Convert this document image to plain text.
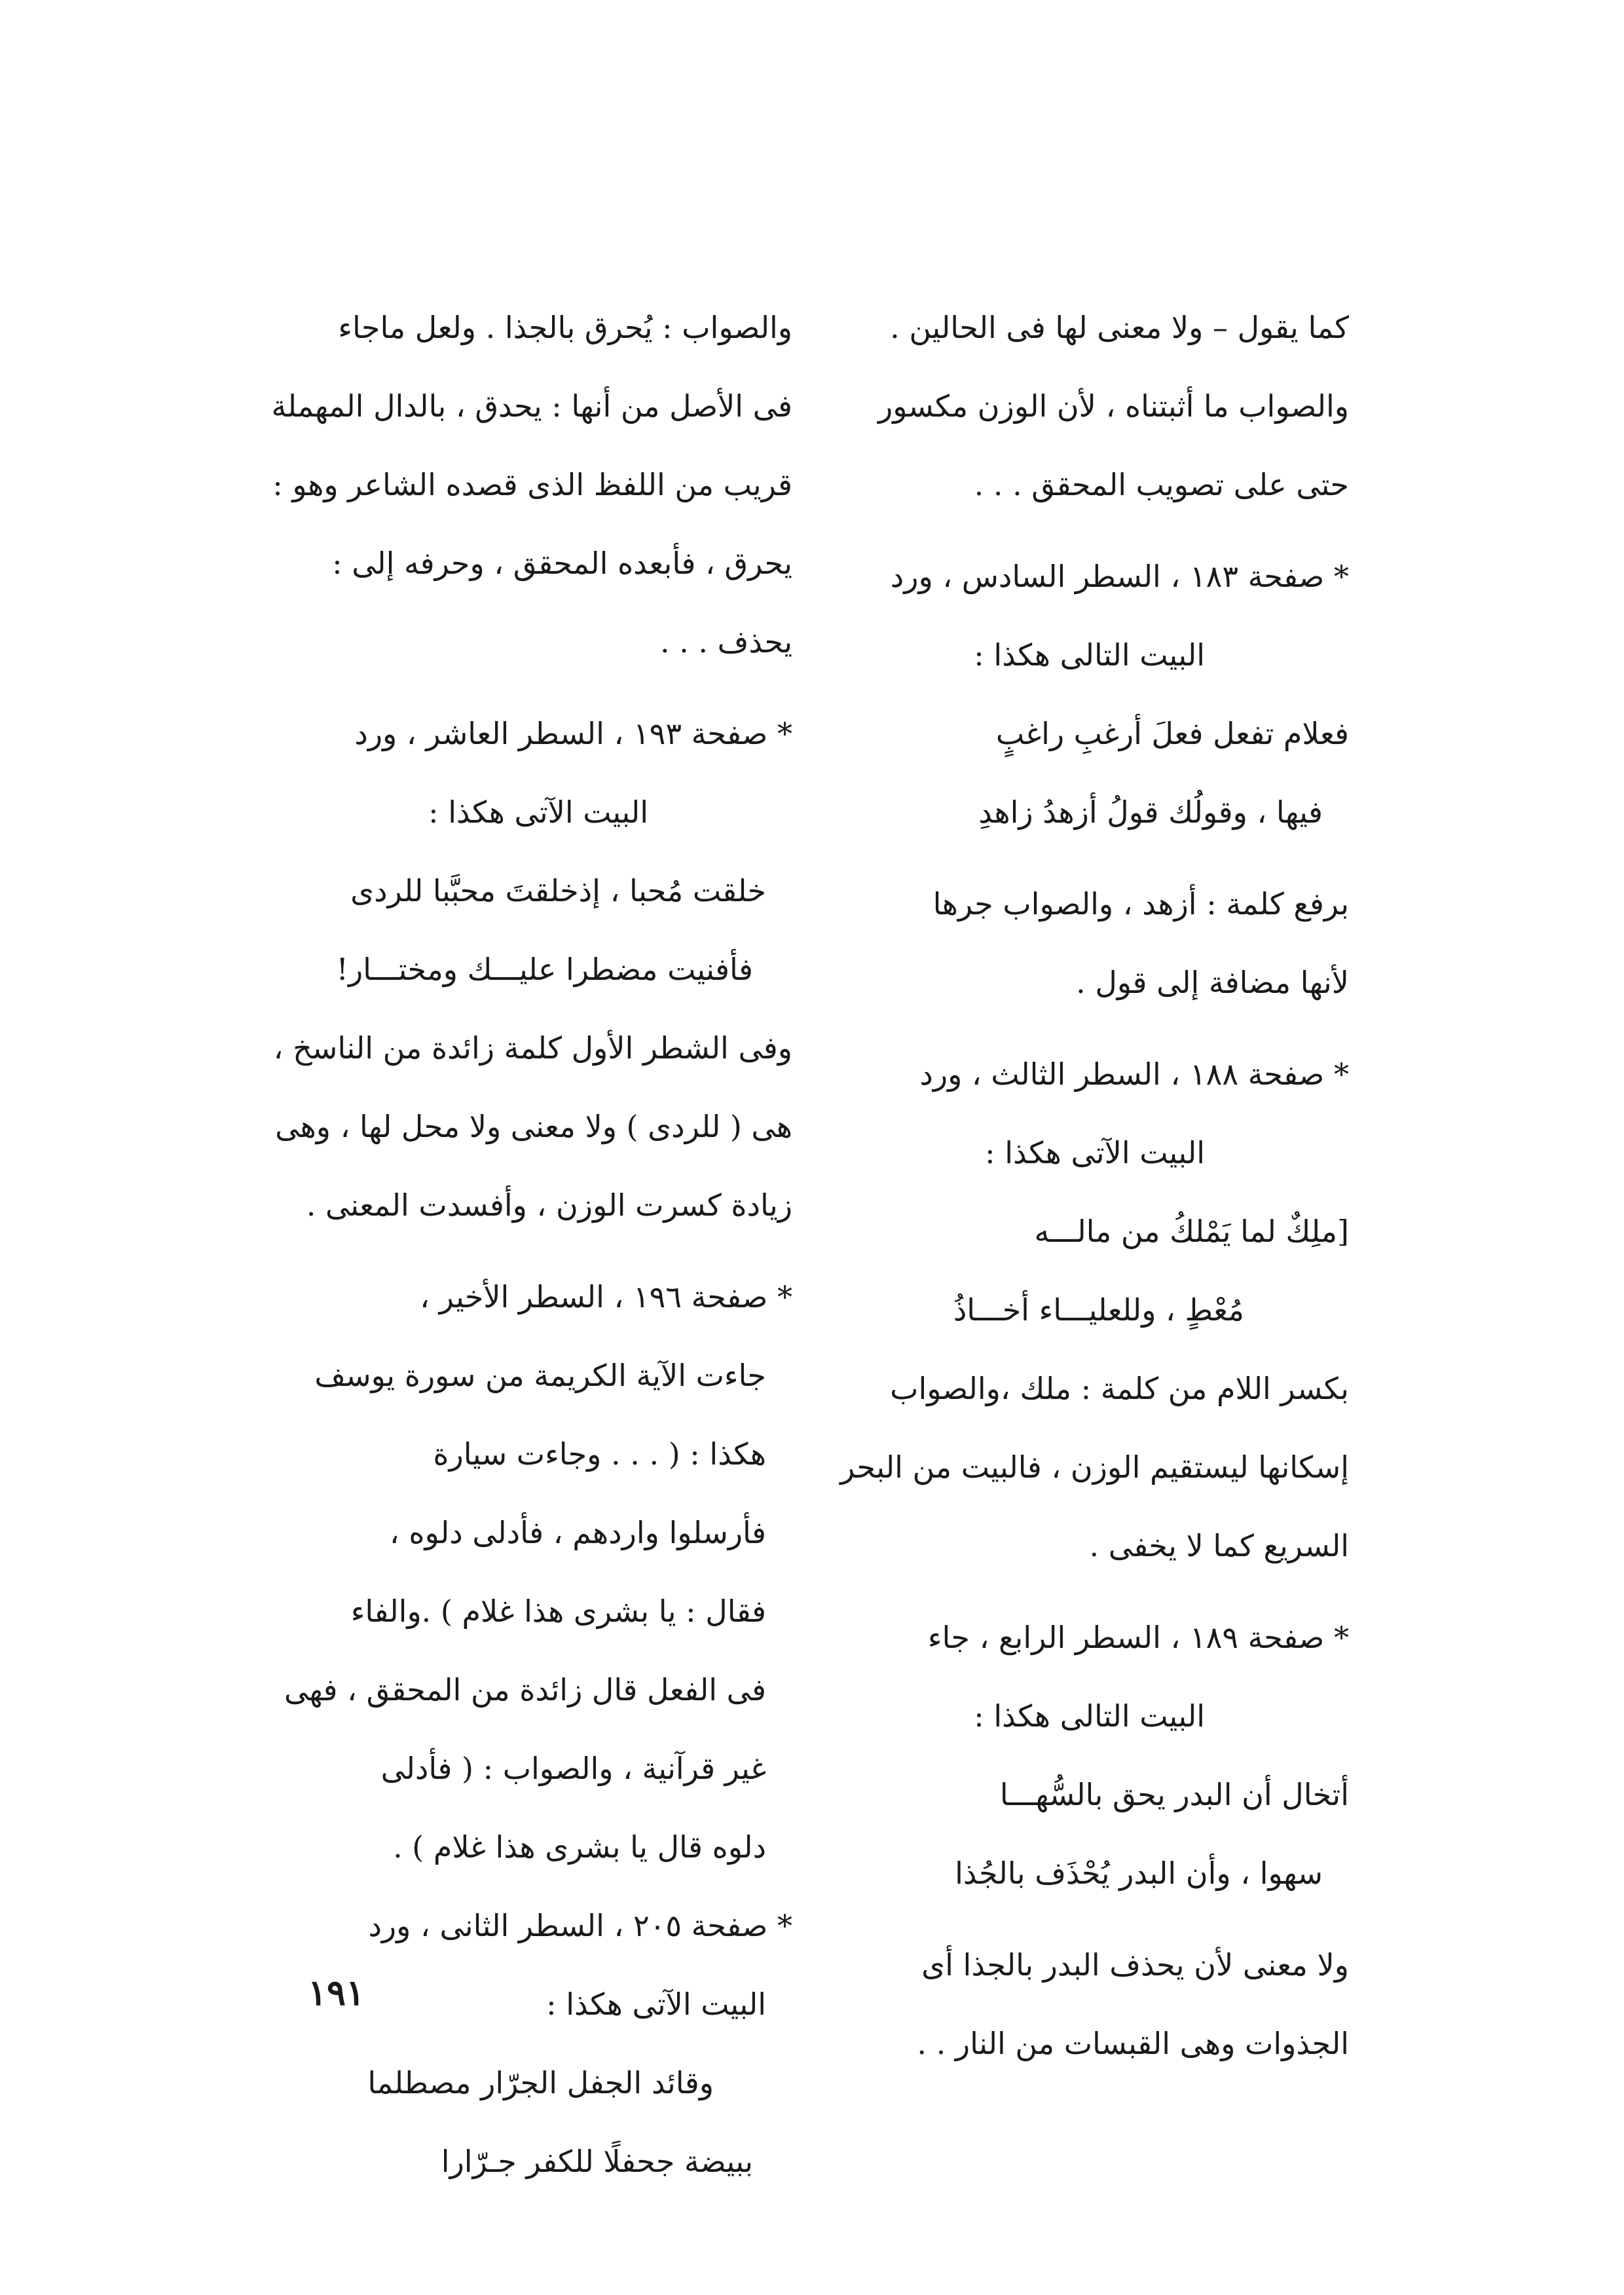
كما يقول – ولا معنى لها فى الحالين .
والصواب ما أثبتناه ، لأن الوزن مكسور
حتى على تصويب المحقق . . .
* صفحة ١٨٣ ، السطر السادس ، ورد
البيت التالى هكذا :
فعلام تفعل فعلَ أرغبِ راغبٍ
فيها ، وقولُك قولُ أزهدُ زاهدِ
برفع كلمة : أزهد ، والصواب جرها
لأنها مضافة إلى قول .
* صفحة ١٨٨ ، السطر الثالث ، ورد
البيت الآتى هكذا :
[ملِكٌ لما يَمْلكُ من مالـــه
مُعْطٍ ، وللعليـــاء أخـــاذُ
بكسر اللام من كلمة : ملك ،والصواب
إسكانها ليستقيم الوزن ، فالبيت من البحر
السريع كما لا يخفى .
* صفحة ١٨٩ ، السطر الرابع ، جاء
البيت التالى هكذا :
أتخال أن البدر يحق بالسُّهـــا
سهوا ، وأن البدر يُحْذَف بالجُذا
ولا معنى لأن يحذف البدر بالجذا أى
الجذوات وهى القبسات من النار . .
والصواب : يُحرق بالجذا . ولعل ماجاء
فى الأصل من أنها : يحدق ، بالدال المهملة
قريب من اللفظ الذى قصده الشاعر وهو :
يحرق ، فأبعده المحقق ، وحرفه إلى :
يحذف . . .
* صفحة ١٩٣ ، السطر العاشر ، ورد
البيت الآتى هكذا :
خلقت مُحبا ، إذخلقتَ محبَّبا للردى
فأفنيت مضطرا عليـــك ومختـــار!
وفى الشطر الأول كلمة زائدة من الناسخ ،
هى ( للردى ) ولا معنى ولا محل لها ، وهى
زيادة كسرت الوزن ، وأفسدت المعنى .
* صفحة ١٩٦ ، السطر الأخير ،
جاءت الآية الكريمة من سورة يوسف
هكذا : ( . . . وجاءت سيارة
فأرسلوا واردهم ، فأدلى دلوه ،
فقال : يا بشرى هذا غلام ) .والفاء
فى الفعل قال زائدة من المحقق ، فهى
غير قرآنية ، والصواب : ( فأدلى
دلوه قال يا بشرى هذا غلام ) .
* صفحة ٢٠٥ ، السطر الثانى ، ورد
البيت الآتى هكذا :
وقائد الجفل الجرّار مصطلما
ببيضة جحفلًا للكفر جـرّارا
١٩١
